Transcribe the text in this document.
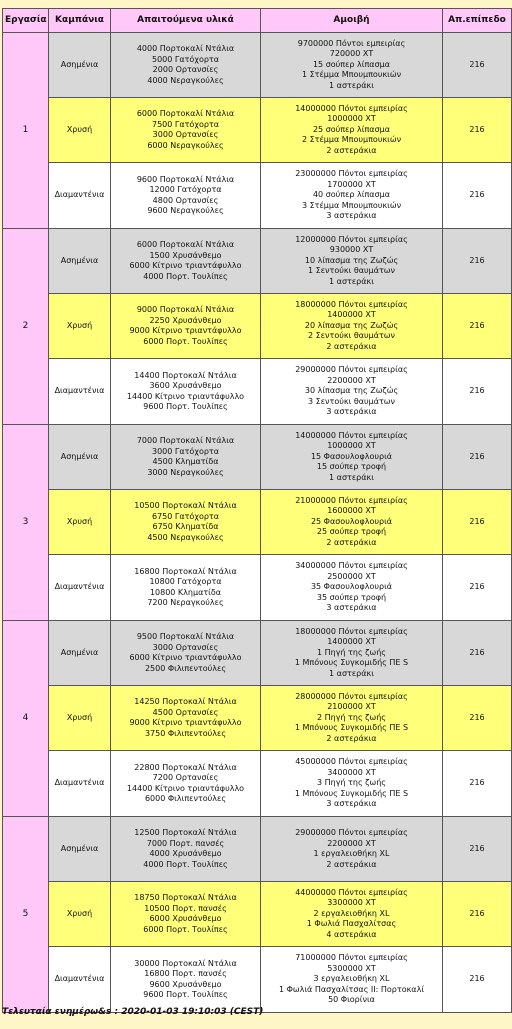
Εργασία	Καμπάνια	Απαιτούμενα υλικά	Αμοιβή	Απ.επίπεδο
1	Ασημένια	4000 Πορτοκαλί Ντάλια
5000 Γατόχορτα
2000 Ορτανσίες
4000 Νεραγκούλες	9700000 Πόντοι εμπειρίας
720000 ΧΤ
15 σούπερ λίπασμα
1 Στέμμα Μπουμπουκιών
1 αστεράκι	216
	Χρυσή	6000 Πορτοκαλί Ντάλια
7500 Γατόχορτα
3000 Ορτανσίες
6000 Νεραγκούλες	14000000 Πόντοι εμπειρίας
1000000 ΧΤ
25 σούπερ λίπασμα
2 Στέμμα Μπουμπουκιών
2 αστεράκια	216
	Διαμαντένια	9600 Πορτοκαλί Ντάλια
12000 Γατόχορτα
4800 Ορτανσίες
9600 Νεραγκούλες	23000000 Πόντοι εμπειρίας
1700000 ΧΤ
40 σούπερ λίπασμα
3 Στέμμα Μπουμπουκιών
3 αστεράκια	216
2	Ασημένια	6000 Πορτοκαλί Ντάλια
1500 Χρυσάνθεμο
6000 Κίτρινο τριαντάφυλλο
4000 Πορτ. Τουλίπες	12000000 Πόντοι εμπειρίας
930000 ΧΤ
10 λίπασμα της Ζωζώς
1 Σεντούκι θαυμάτων
1 αστεράκι	216
	Χρυσή	9000 Πορτοκαλί Ντάλια
2250 Χρυσάνθεμο
9000 Κίτρινο τριαντάφυλλο
6000 Πορτ. Τουλίπες	18000000 Πόντοι εμπειρίας
1400000 ΧΤ
20 λίπασμα της Ζωζώς
2 Σεντούκι θαυμάτων
2 αστεράκια	216
	Διαμαντένια	14400 Πορτοκαλί Ντάλια
3600 Χρυσάνθεμο
14400 Κίτρινο τριαντάφυλλο
9600 Πορτ. Τουλίπες	29000000 Πόντοι εμπειρίας
2200000 ΧΤ
30 λίπασμα της Ζωζώς
3 Σεντούκι θαυμάτων
3 αστεράκια	216
3	Ασημένια	7000 Πορτοκαλί Ντάλια
3000 Γατόχορτα
4500 Κληματίδα
3000 Νεραγκούλες	14000000 Πόντοι εμπειρίας
1000000 ΧΤ
15 Φασουλοφλουριά
15 σούπερ τροφή
1 αστεράκι	216
	Χρυσή	10500 Πορτοκαλί Ντάλια
6750 Γατόχορτα
6750 Κληματίδα
4500 Νεραγκούλες	21000000 Πόντοι εμπειρίας
1600000 ΧΤ
25 Φασουλοφλουριά
25 σούπερ τροφή
2 αστεράκια	216
	Διαμαντένια	16800 Πορτοκαλί Ντάλια
10800 Γατόχορτα
10800 Κληματίδα
7200 Νεραγκούλες	34000000 Πόντοι εμπειρίας
2500000 ΧΤ
35 Φασουλοφλουριά
35 σούπερ τροφή
3 αστεράκια	216
4	Ασημένια	9500 Πορτοκαλί Ντάλια
3000 Ορτανσίες
6000 Κίτρινο τριαντάφυλλο
2500 Φιλιπεντούλες	18000000 Πόντοι εμπειρίας
1400000 ΧΤ
1 Πηγή της ζωής
1 Μπόνους Συγκομιδής ΠΕ S
1 αστεράκι	216
	Χρυσή	14250 Πορτοκαλί Ντάλια
4500 Ορτανσίες
9000 Κίτρινο τριαντάφυλλο
3750 Φιλιπεντούλες	28000000 Πόντοι εμπειρίας
2100000 ΧΤ
2 Πηγή της ζωής
1 Μπόνους Συγκομιδής ΠΕ S
2 αστεράκια	216
	Διαμαντένια	22800 Πορτοκαλί Ντάλια
7200 Ορτανσίες
14400 Κίτρινο τριαντάφυλλο
6000 Φιλιπεντούλες	45000000 Πόντοι εμπειρίας
3400000 ΧΤ
3 Πηγή της ζωής
1 Μπόνους Συγκομιδής ΠΕ S
3 αστεράκια	216
5	Ασημένια	12500 Πορτοκαλί Ντάλια
7000 Πορτ. πανσές
4000 Χρυσάνθεμο
4000 Πορτ. Τουλίπες	29000000 Πόντοι εμπειρίας
2200000 ΧΤ
1 εργαλειοθήκη XL
2 αστεράκια	216
	Χρυσή	18750 Πορτοκαλί Ντάλια
10500 Πορτ. πανσές
6000 Χρυσάνθεμο
6000 Πορτ. Τουλίπες	44000000 Πόντοι εμπειρίας
3300000 ΧΤ
2 εργαλειοθήκη XL
1 Φωλιά Πασχαλίτσας
4 αστεράκια	216
	Διαμαντένια	30000 Πορτοκαλί Ντάλια
16800 Πορτ. πανσές
9600 Χρυσάνθεμο
9600 Πορτ. Τουλίπες	71000000 Πόντοι εμπειρίας
5300000 ΧΤ
3 εργαλειοθήκη XL
1 Φωλιά Πασχαλίτσας II: Πορτοκαλί
50 Φιορίνια	216
Τελευταία ενημέρω&s : 2020-01-03 19:10:03 (CEST)
